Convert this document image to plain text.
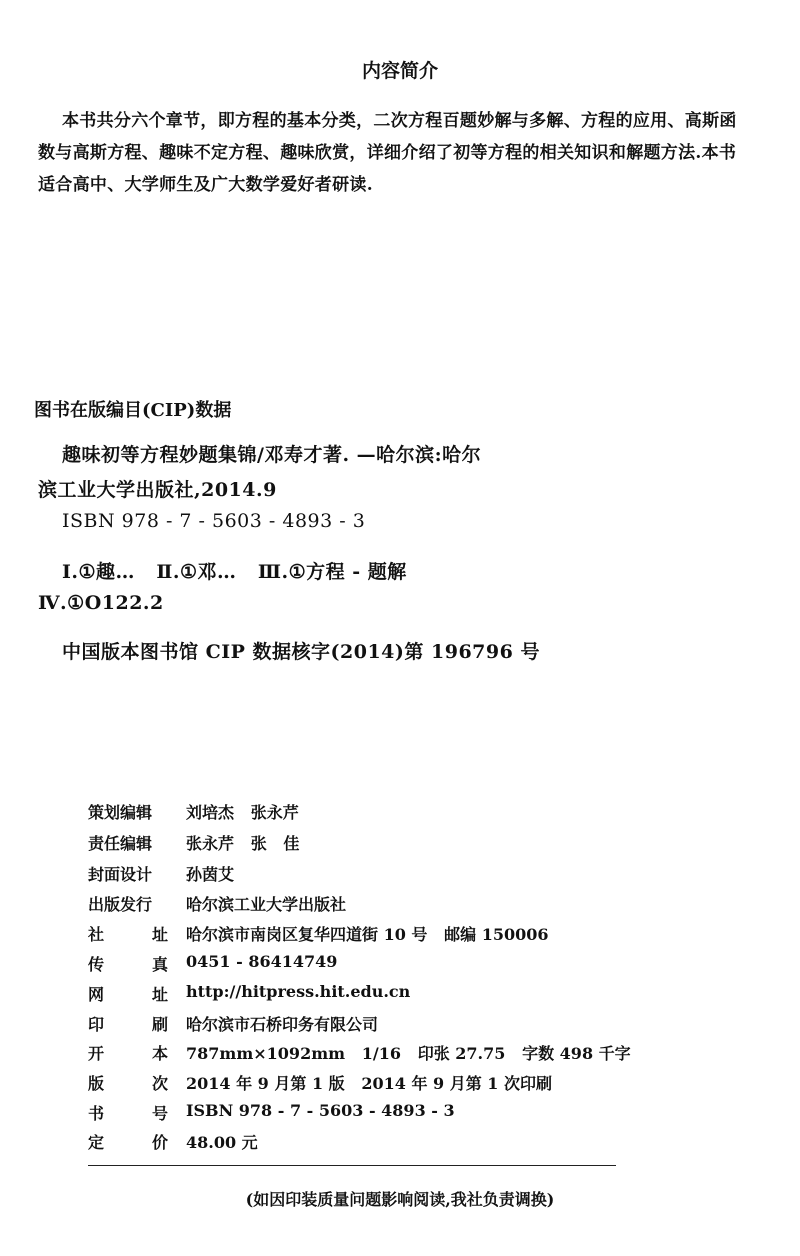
内容简介
本书共分六个章节，即方程的基本分类，二次方程百题妙解与多解、方程的应用、高斯函
数与高斯方程、趣味不定方程、趣味欣赏，详细介绍了初等方程的相关知识和解题方法.本书
适合高中、大学师生及广大数学爱好者研读.
图书在版编目(CIP)数据
趣味初等方程妙题集锦/邓寿才著. —哈尔滨:哈尔
滨工业大学出版社,2014.9
ISBN 978 - 7 - 5603 - 4893 - 3
Ⅰ.①趣…   Ⅱ.①邓…   Ⅲ.①方程 - 题解
Ⅳ.①O122.2
中国版本图书馆 CIP 数据核字(2014)第 196796 号
策划编辑	刘培杰   张永芹
责任编辑	张永芹   张   佳
封面设计	孙茵艾
出版发行	哈尔滨工业大学出版社
社	址 哈尔滨市南岗区复华四道街 10 号   邮编 150006
传	真 0451 - 86414749
网	址 http://hitpress.hit.edu.cn
印	刷 哈尔滨市石桥印务有限公司
开	本 787mm×1092mm   1/16   印张 27.75   字数 498 千字
版	次 2014 年 9 月第 1 版   2014 年 9 月第 1 次印刷
书	号 ISBN 978 - 7 - 5603 - 4893 - 3
定	价 48.00 元
(如因印装质量问题影响阅读,我社负责调换)
